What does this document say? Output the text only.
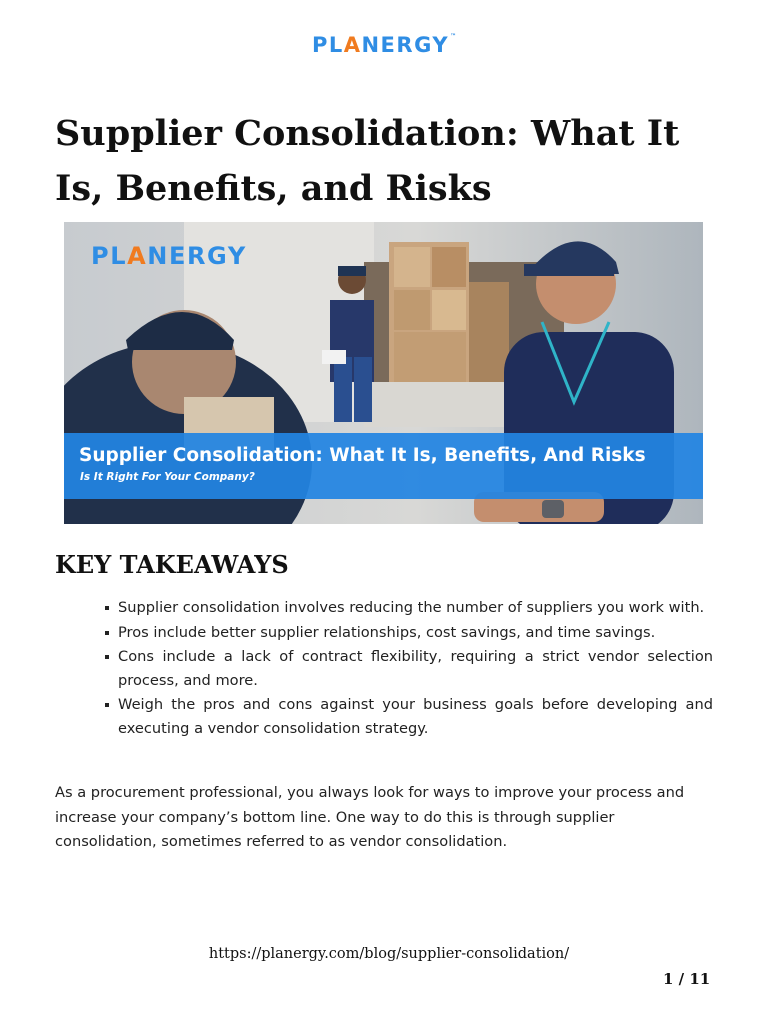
PLANERGY™
Supplier Consolidation: What It Is, Benefits, and Risks
PLANERGY
Supplier Consolidation: What It Is, Benefits, And Risks
Is It Right For Your Company?
KEY TAKEAWAYS
Supplier consolidation involves reducing the number of suppliers you work with.
Pros include better supplier relationships, cost savings, and time savings.
Cons include a lack of contract flexibility, requiring a strict vendor selection process, and more.
Weigh the pros and cons against your business goals before developing and executing a vendor consolidation strategy.

As a procurement professional, you always look for ways to improve your process and increase your company’s bottom line. One way to do this is through supplier consolidation, sometimes referred to as vendor consolidation.

https://planergy.com/blog/supplier-consolidation/
1 / 11
